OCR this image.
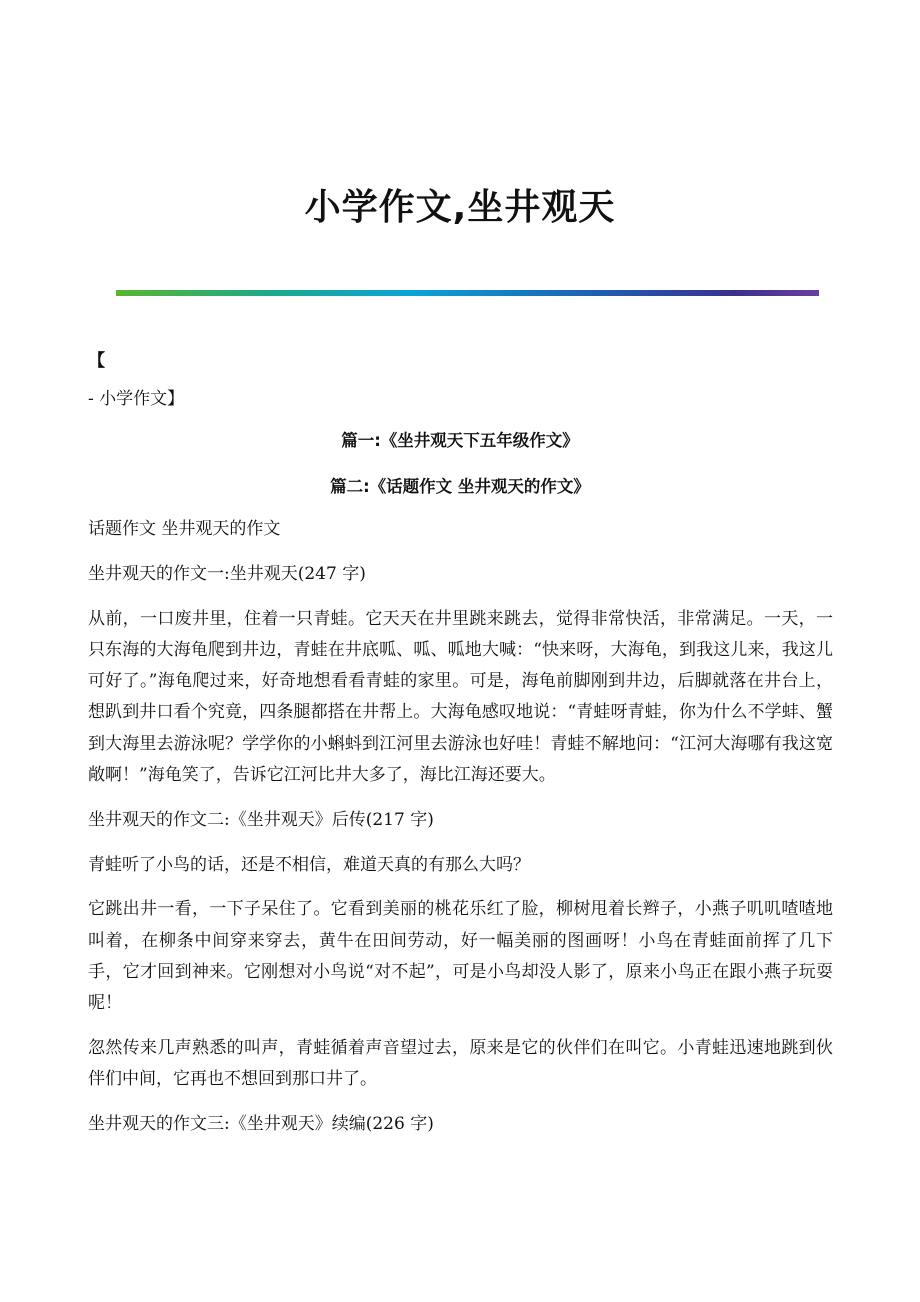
小学作文,坐井观天
【
- 小学作文】
篇一:《坐井观天下五年级作文》
篇二:《话题作文 坐井观天的作文》

话题作文 坐井观天的作文

坐井观天的作文一:坐井观天(247 字)

从前，一口废井里，住着一只青蛙。它天天在井里跳来跳去，觉得非常快活，非常满足。一天，一只东海的大海龟爬到井边，青蛙在井底呱、呱、呱地大喊：“快来呀，大海龟，到我这儿来，我这儿可好了。”海龟爬过来，好奇地想看看青蛙的家里。可是，海龟前脚刚到井边，后脚就落在井台上，想趴到井口看个究竟，四条腿都搭在井帮上。大海龟感叹地说：“青蛙呀青蛙，你为什么不学蚌、蟹到大海里去游泳呢？学学你的小蝌蚪到江河里去游泳也好哇！青蛙不解地问：“江河大海哪有我这宽敞啊！”海龟笑了，告诉它江河比井大多了，海比江海还要大。

坐井观天的作文二:《坐井观天》后传(217 字)

青蛙听了小鸟的话，还是不相信，难道天真的有那么大吗？

它跳出井一看，一下子呆住了。它看到美丽的桃花乐红了脸，柳树甩着长辫子，小燕子叽叽喳喳地叫着，在柳条中间穿来穿去，黄牛在田间劳动，好一幅美丽的图画呀！小鸟在青蛙面前挥了几下手，它才回到神来。它刚想对小鸟说“对不起”，可是小鸟却没人影了，原来小鸟正在跟小燕子玩耍呢！

忽然传来几声熟悉的叫声，青蛙循着声音望过去，原来是它的伙伴们在叫它。小青蛙迅速地跳到伙伴们中间，它再也不想回到那口井了。

坐井观天的作文三:《坐井观天》续编(226 字)
